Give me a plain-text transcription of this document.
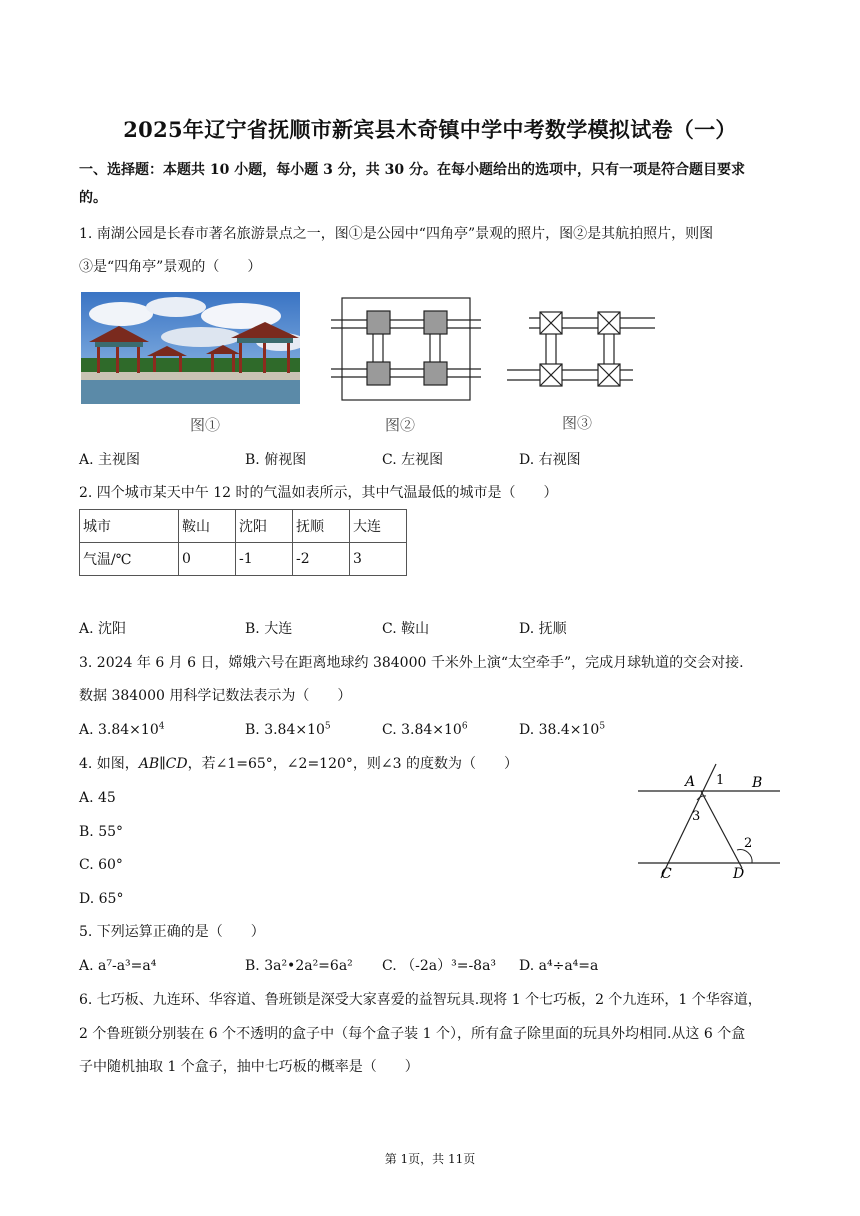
2025年辽宁省抚顺市新宾县木奇镇中学中考数学模拟试卷（一）
一、选择题：本题共 10 小题，每小题 3 分，共 30 分。在每小题给出的选项中，只有一项是符合题目要求
的。
1. 南湖公园是长春市著名旅游景点之一，图①是公园中“四角亭”景观的照片，图②是其航拍照片，则图
③是“四角亭”景观的（　　）
图①	图②	图③
A. 主视图	B. 俯视图	C. 左视图	D. 右视图
2. 四个城市某天中午 12 时的气温如表所示，其中气温最低的城市是（　　）
城市	鞍山	沈阳	抚顺	大连
气温/℃	0	-1	-2	3
A. 沈阳	B. 大连	C. 鞍山	D. 抚顺
3. 2024 年 6 月 6 日，嫦娥六号在距离地球约 384000 千米外上演“太空牵手”，完成月球轨道的交会对接.
数据 384000 用科学记数法表示为（　　）
A. $3.84\times 10^4$	B. $3.84\times 10^5$	C. $3.84\times 10^6$	D. $38.4\times 10^5$
4. 如图，AB∥CD，若∠1=65°，∠2=120°，则∠3 的度数为（　　）
A. 45
B. 55°
C. 60°
D. 65°
A	B
C	D
1
2
3
5. 下列运算正确的是（　　）
A. a⁷-a³=a⁴	B. 3a²•2a²=6a² C. （-2a）³=-8a³ D. a⁴÷a⁴=a
6. 七巧板、九连环、华容道、鲁班锁是深受大家喜爱的益智玩具.现将 1 个七巧板，2 个九连环，1 个华容道，
2 个鲁班锁分别装在 6 个不透明的盒子中（每个盒子装 1 个），所有盒子除里面的玩具外均相同.从这 6 个盒
子中随机抽取 1 个盒子，抽中七巧板的概率是（　　）
第 1页，共 11页
